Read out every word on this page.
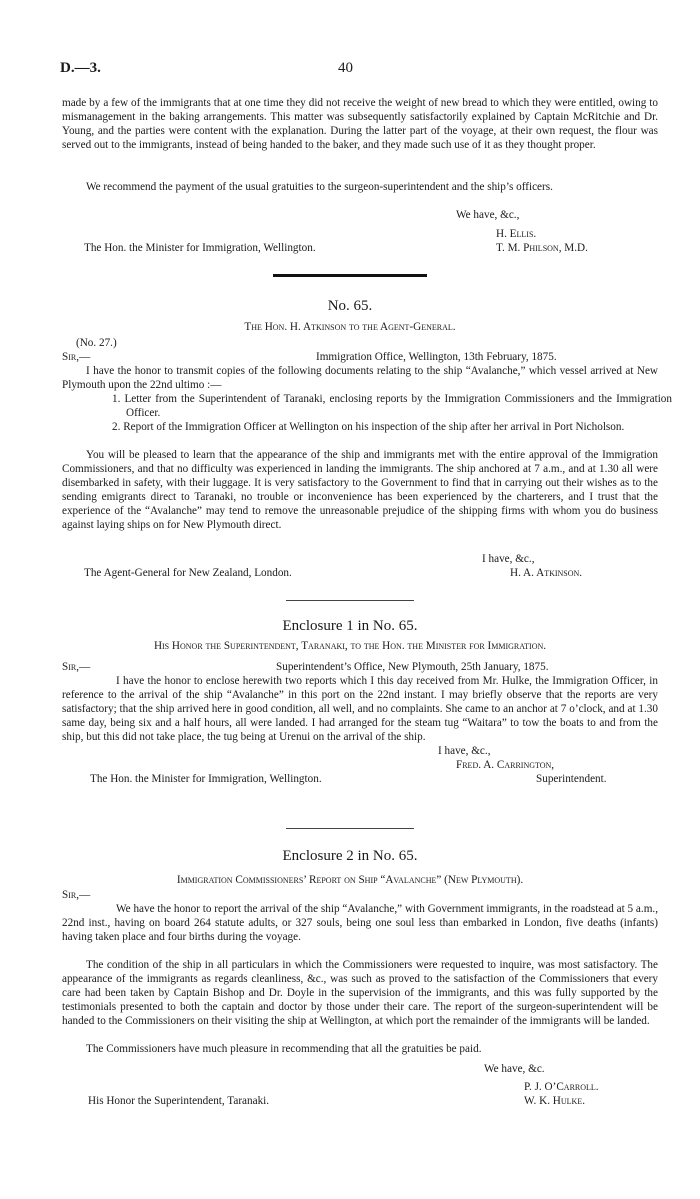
D.—3.	40

made by a few of the immigrants that at one time they did not receive the weight of new bread to which they were entitled, owing to mismanagement in the baking arrangements. This matter was subsequently satisfactorily explained by Captain McRitchie and Dr. Young, and the parties were content with the explanation. During the latter part of the voyage, at their own request, the flour was served out to the immigrants, instead of being handed to the baker, and they made such use of it as they thought proper.

We recommend the payment of the usual gratuities to the surgeon-superintendent and the ship’s officers.

We have, &c.,
H. Ellis.
The Hon. the Minister for Immigration, Wellington.	T. M. Philson, M.D.
No. 65.
The Hon. H. Atkinson to the Agent-General.
(No. 27.)
Sir,—	Immigration Office, Wellington, 13th February, 1875.

I have the honor to transmit copies of the following documents relating to the ship “Avalanche,” which vessel arrived at New Plymouth upon the 22nd ultimo :—

1. Letter from the Superintendent of Taranaki, enclosing reports by the Immigration Commissioners and the Immigration Officer.

2. Report of the Immigration Officer at Wellington on his inspection of the ship after her arrival in Port Nicholson.

You will be pleased to learn that the appearance of the ship and immigrants met with the entire approval of the Immigration Commissioners, and that no difficulty was experienced in landing the immigrants. The ship anchored at 7 a.m., and at 1.30 all were disembarked in safety, with their luggage. It is very satisfactory to the Government to find that in carrying out their wishes as to the sending emigrants direct to Taranaki, no trouble or inconvenience has been experienced by the charterers, and I trust that the experience of the “Avalanche” may tend to remove the unreasonable prejudice of the shipping firms with whom you do business against laying ships on for New Plymouth direct.

I have, &c.,
The Agent-General for New Zealand, London.	H. A. Atkinson.
Enclosure 1 in No. 65.
His Honor the Superintendent, Taranaki, to the Hon. the Minister for Immigration.
Sir,—	Superintendent’s Office, New Plymouth, 25th January, 1875.

I have the honor to enclose herewith two reports which I this day received from Mr. Hulke, the Immigration Officer, in reference to the arrival of the ship “Avalanche” in this port on the 22nd instant. I may briefly observe that the reports are very satisfactory; that the ship arrived here in good condition, all well, and no complaints. She came to an anchor at 7 o’clock, and at 1.30 same day, being six and a half hours, all were landed. I had arranged for the steam tug “Waitara” to tow the boats to and from the ship, but this did not take place, the tug being at Urenui on the arrival of the ship.

I have, &c.,
Fred. A. Carrington,
The Hon. the Minister for Immigration, Wellington.	Superintendent.
Enclosure 2 in No. 65.
Immigration Commissioners’ Report on Ship “Avalanche” (New Plymouth).
Sir,—

We have the honor to report the arrival of the ship “Avalanche,” with Government immigrants, in the roadstead at 5 a.m., 22nd inst., having on board 264 statute adults, or 327 souls, being one soul less than embarked in London, five deaths (infants) having taken place and four births during the voyage.

The condition of the ship in all particulars in which the Commissioners were requested to inquire, was most satisfactory. The appearance of the immigrants as regards cleanliness, &c., was such as proved to the satisfaction of the Commissioners that every care had been taken by Captain Bishop and Dr. Doyle in the supervision of the immigrants, and this was fully supported by the testimonials presented to both the captain and doctor by those under their care. The report of the surgeon-superintendent will be handed to the Commissioners on their visiting the ship at Wellington, at which port the remainder of the immigrants will be landed.

The Commissioners have much pleasure in recommending that all the gratuities be paid.

We have, &c.
P. J. O’Carroll.
His Honor the Superintendent, Taranaki.	W. K. Hulke.
